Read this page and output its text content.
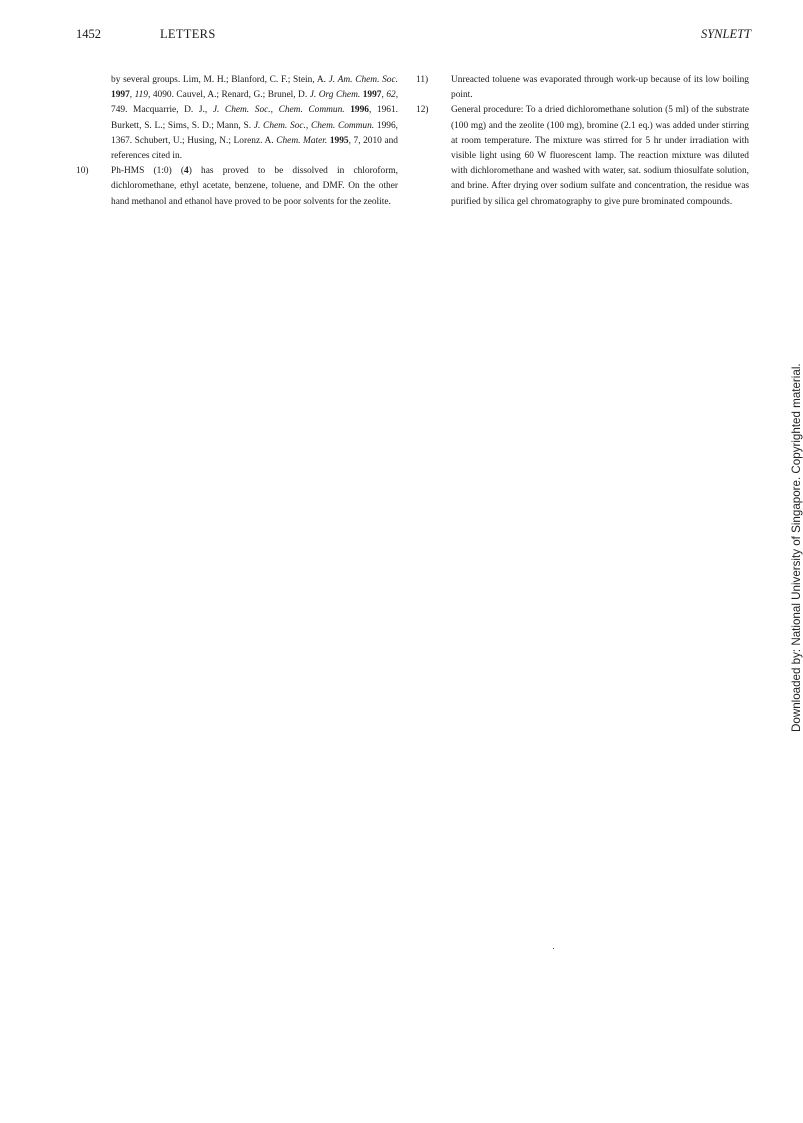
1452	LETTERS	SYNLETT
by several groups. Lim, M. H.; Blanford, C. F.; Stein, A. J. Am. Chem. Soc. 1997, 119, 4090. Cauvel, A.; Renard, G.; Brunel, D. J. Org Chem. 1997, 62, 749. Macquarrie, D. J., J. Chem. Soc., Chem. Commun. 1996, 1961. Burkett, S. L.; Sims, S. D.; Mann, S. J. Chem. Soc., Chem. Commun. 1996, 1367. Schubert, U.; Husing, N.; Lorenz. A. Chem. Mater. 1995, 7, 2010 and references cited in.
10)	Ph-HMS (1:0) (4) has proved to be dissolved in chloroform, dichloromethane, ethyl acetate, benzene, toluene, and DMF. On the other hand methanol and ethanol have proved to be poor solvents for the zeolite.
11)	Unreacted toluene was evaporated through work-up because of its low boiling point.
12)	General procedure: To a dried dichloromethane solution (5 ml) of the substrate (100 mg) and the zeolite (100 mg), bromine (2.1 eq.) was added under stirring at room temperature. The mixture was stirred for 5 hr under irradiation with visible light using 60 W fluorescent lamp. The reaction mixture was diluted with dichloromethane and washed with water, sat. sodium thiosulfate solution, and brine. After drying over sodium sulfate and concentration, the residue was purified by silica gel chromatography to give pure brominated compounds.
Downloaded by: National University of Singapore. Copyrighted material.
